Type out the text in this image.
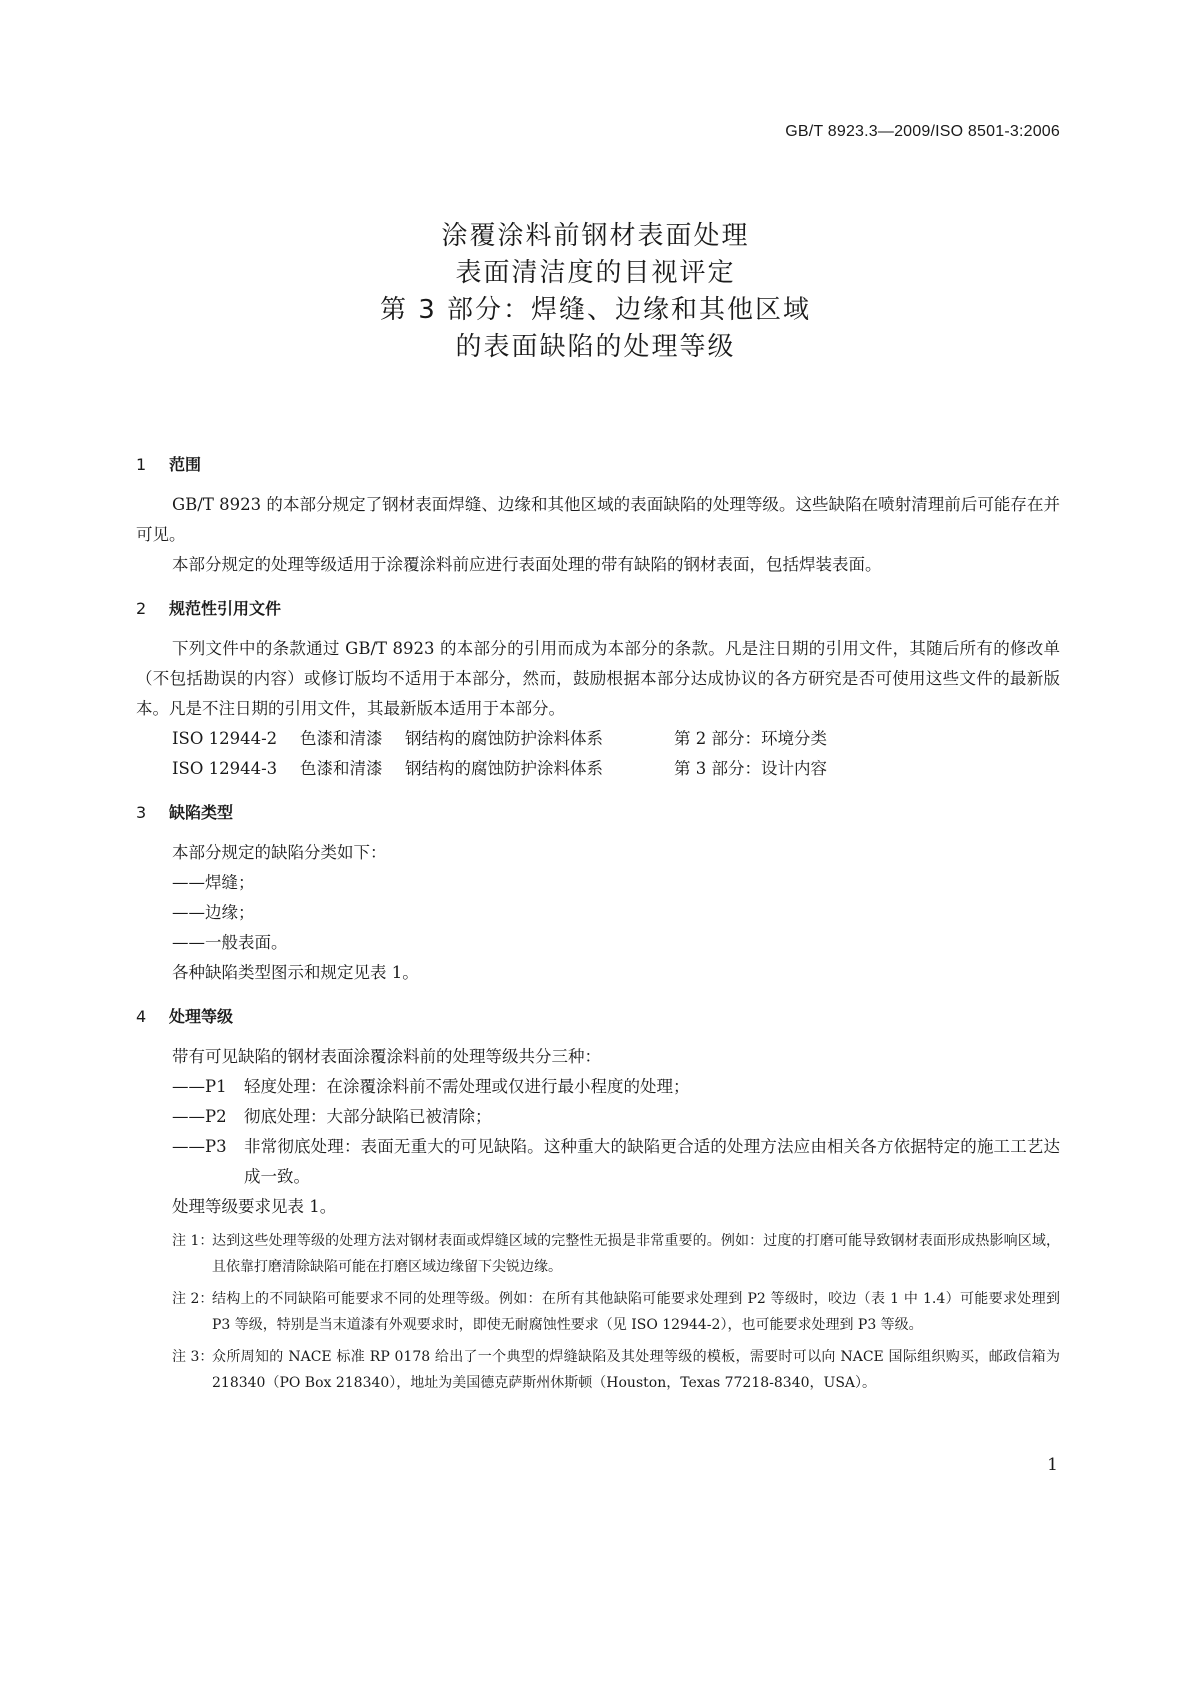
GB/T 8923.3—2009/ISO 8501-3:2006
涂覆涂料前钢材表面处理
表面清洁度的目视评定
第 3 部分：焊缝、边缘和其他区域
的表面缺陷的处理等级
1 范围
GB/T 8923 的本部分规定了钢材表面焊缝、边缘和其他区域的表面缺陷的处理等级。这些缺陷在喷射清理前后可能存在并可见。
本部分规定的处理等级适用于涂覆涂料前应进行表面处理的带有缺陷的钢材表面，包括焊装表面。
2 规范性引用文件
下列文件中的条款通过 GB/T 8923 的本部分的引用而成为本部分的条款。凡是注日期的引用文件，其随后所有的修改单（不包括勘误的内容）或修订版均不适用于本部分，然而，鼓励根据本部分达成协议的各方研究是否可使用这些文件的最新版本。凡是不注日期的引用文件，其最新版本适用于本部分。
ISO 12944-2 色漆和清漆 钢结构的腐蚀防护涂料体系	第 2 部分：环境分类
ISO 12944-3 色漆和清漆 钢结构的腐蚀防护涂料体系	第 3 部分：设计内容
3 缺陷类型
本部分规定的缺陷分类如下：
——焊缝；
——边缘；
——一般表面。
各种缺陷类型图示和规定见表 1。
4 处理等级
带有可见缺陷的钢材表面涂覆涂料前的处理等级共分三种：
——P1 轻度处理：在涂覆涂料前不需处理或仅进行最小程度的处理；
——P2 彻底处理：大部分缺陷已被清除；
——P3 非常彻底处理：表面无重大的可见缺陷。这种重大的缺陷更合适的处理方法应由相关各方依据特定的施工工艺达成一致。
处理等级要求见表 1。
注 1：
达到这些处理等级的处理方法对钢材表面或焊缝区域的完整性无损是非常重要的。例如：过度的打磨可能导致钢材表面形成热影响区域，且依靠打磨清除缺陷可能在打磨区域边缘留下尖锐边缘。
注 2：
结构上的不同缺陷可能要求不同的处理等级。例如：在所有其他缺陷可能要求处理到 P2 等级时，咬边（表 1 中 1.4）可能要求处理到 P3 等级，特别是当末道漆有外观要求时，即使无耐腐蚀性要求（见 ISO 12944-2），也可能要求处理到 P3 等级。
注 3：
众所周知的 NACE 标准 RP 0178 给出了一个典型的焊缝缺陷及其处理等级的模板，需要时可以向 NACE 国际组织购买，邮政信箱为 218340（PO Box 218340），地址为美国德克萨斯州休斯顿（Houston，Texas 77218-8340，USA）。
1
